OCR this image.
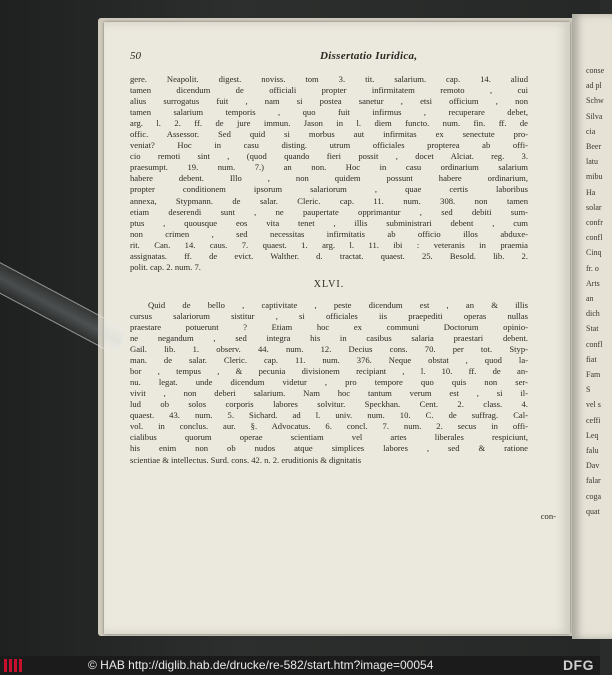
conse
ad pl
Schw
Silva
cia
Beer
latu
mibu
Ha
solar
confr
confl
Cinq
fr. o
Arts
an
dich
Stat
confl
fiat
Fam
S
vel s
ceffi
Leq
falu
Dav
falar
coga
quat
50	Dissertatio Iuridica,
gere. Neapolit. digest. noviss. tom 3. tit. salarium. cap. 14. aliud
tamen dicendum de officiali propter infirmitatem remoto , cui
alius surrogatus fuit , nam si postea sanetur , etsi officium , non
tamen salarium temporis , quo fuit infirmus , recuperare debet,
arg. l. 2. ff. de jure immun. Jason in l. diem functo. num. fin. ff. de
offic. Assessor. Sed quid si morbus aut infirmitas ex senectute pro-
veniat? Hoc in casu disting. utrum officiales propterea ab offi-
cio remoti sint , (quod quando fieri possit , docet Alciat. reg. 3.
praesumpt. 19. num. 7.) an non. Hoc in casu ordinarium salarium
habere debent. Illo , non quidem possunt habere ordinarium,
propter conditionem ipsorum salariorum , quae certis laboribus
annexa, Stypmann. de salar. Cleric. cap. 11. num. 308. non tamen
etiam deserendi sunt , ne paupertate opprimantur , sed debiti sum-
ptus , quousque eos vita tenet , illis subministrari debent , cum
non crimen , sed necessitas infirmitatis ab officio illos abduxe-
rit. Can. 14. caus. 7. quaest. 1. arg. l. 11. ibi : veteranis in praemia
assignatas. ff. de evict. Walther. d. tractat. quaest. 25. Besold. lib. 2.
polit. cap. 2. num. 7.
XLVI.
Quid de bello , captivitate , peste dicendum est , an & illis
cursus salariorum sistitur , si officiales iis praepediti operas nullas
praestare potuerunt ? Etiam hoc ex communi Doctorum opinio-
ne negandum , sed integra his in casibus salaria praestari debent.
Gail. lib. 1. observ. 44. num. 12. Decius cons. 70. per tot. Styp-
man. de salar. Cleric. cap. 11. num. 376. Neque obstat , quod la-
bor , tempus , & pecunia divisionem recipiant , l. 10. ff. de an-
nu. legat. unde dicendum videtur , pro tempore quo quis non ser-
vivit , non deberi salarium. Nam hoc tantum verum est , si il-
lud ob solos corporis labores solvitur. Speckhan. Cent. 2. class. 4.
quaest. 43. num. 5. Sichard. ad l. univ. num. 10. C. de suffrag. Cal-
vol. in conclus. aur. §. Advocatus. 6. concl. 7. num. 2. secus in offi-
cialibus quorum operae scientiam vel artes liberales respiciunt,
his enim non ob nudos atque simplices labores , sed & ratione
scientiae & intellectus. Surd. cons. 42. n. 2. eruditionis & dignitatis
con-
© HAB http://diglib.hab.de/drucke/re-582/start.htm?image=00054	DFG
